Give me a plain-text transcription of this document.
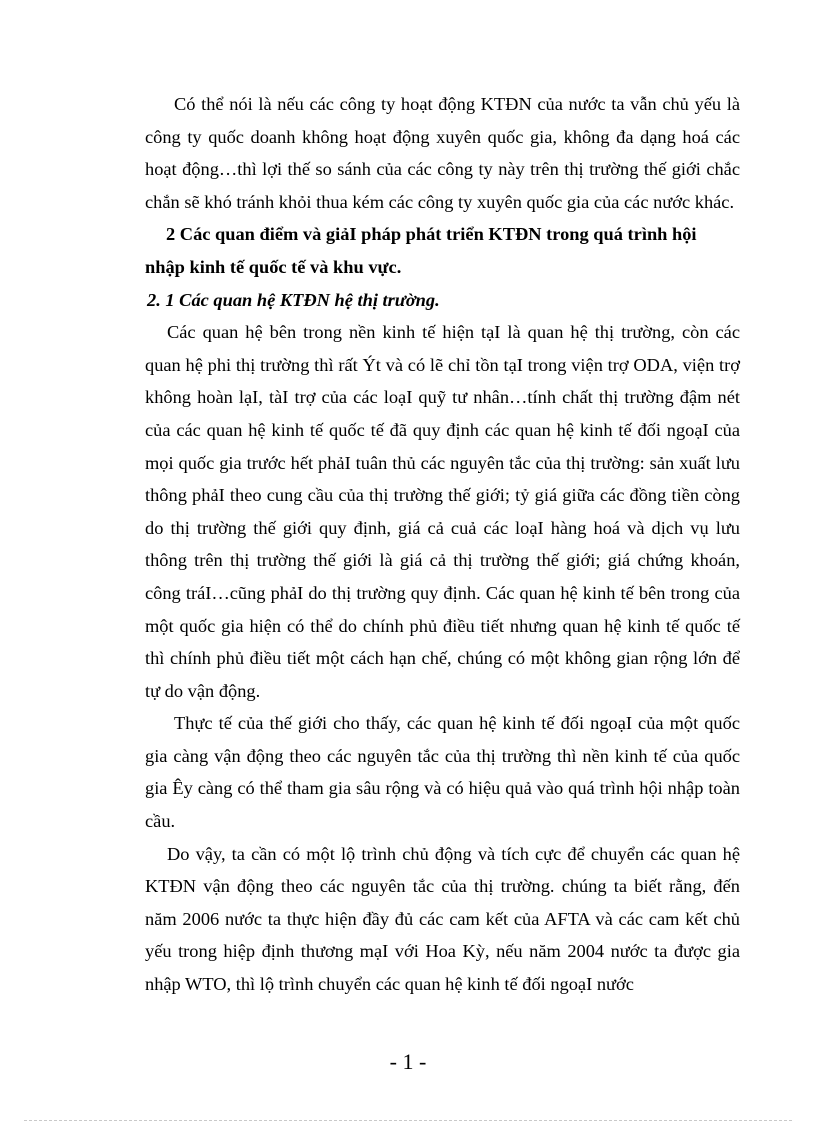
Có thể nói là nếu các công ty hoạt động KTĐN của nước ta vẫn chủ yếu là công ty quốc doanh không hoạt động xuyên quốc gia, không đa dạng hoá các hoạt động…thì lợi thế so sánh của các công ty này trên thị trường thế giới chắc chắn sẽ khó tránh khỏi thua kém các công ty xuyên quốc gia của các nước khác.

2 Các quan điểm và giảI pháp phát triển KTĐN trong quá trình hội nhập kinh tế quốc tế và khu vực.

2. 1 Các quan hệ KTĐN hệ thị trường.

Các quan hệ bên trong nền kinh tế hiện tạI là quan hệ thị trường, còn các quan hệ phi thị trường thì rất Ýt và có lẽ chỉ tồn tạI trong viện trợ ODA, viện trợ không hoàn lạI, tàI trợ của các loạI quỹ tư nhân…tính chất thị trường đậm nét của các quan hệ kinh tế quốc tế đã quy định các quan hệ kinh tế đối ngoạI của mọi quốc gia trước hết phảI tuân thủ các nguyên tắc của thị trường: sản xuất lưu thông phảI theo cung cầu của thị trường thế giới; tỷ giá giữa các đồng tiền còng do thị trường thế giới quy định, giá cả cuả các loạI hàng hoá và dịch vụ lưu thông trên thị trường thế giới là giá cả thị trường thế giới; giá chứng khoán, công tráI…cũng phảI do thị trường quy định. Các quan hệ kinh tế bên trong của một quốc gia hiện có thể do chính phủ điều tiết nhưng quan hệ kinh tế quốc tế thì chính phủ điều tiết một cách hạn chế, chúng có một không gian rộng lớn để tự do vận động.

Thực tế của thế giới cho thấy, các quan hệ kinh tế đối ngoạI của một quốc gia càng vận động theo các nguyên tắc của thị trường thì nền kinh tế của quốc gia Êy càng có thể tham gia sâu rộng và có hiệu quả vào quá trình hội nhập toàn cầu.

Do vậy, ta cần có một lộ trình chủ động và tích cực để chuyển các quan hệ KTĐN vận động theo các nguyên tắc của thị trường. chúng ta biết rằng, đến năm 2006 nước ta thực hiện đầy đủ các cam kết của AFTA và các cam kết chủ yếu trong hiệp định thương mạI với Hoa Kỳ, nếu năm 2004 nước ta được gia nhập WTO, thì lộ trình chuyển các quan hệ kinh tế đối ngoạI nước

- 1 -
